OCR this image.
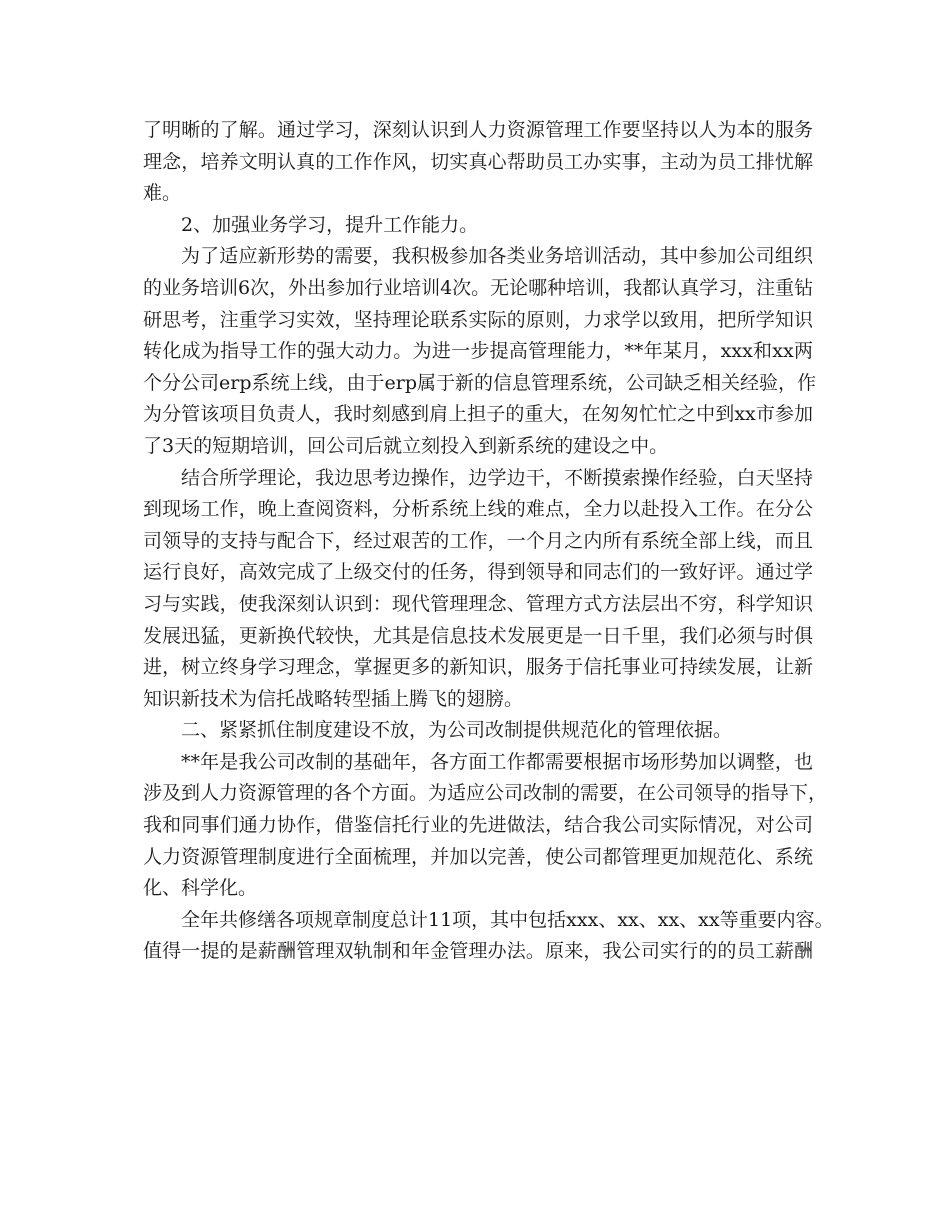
了明晰的了解。通过学习，深刻认识到人力资源管理工作要坚持以人为本的服务
理念，培养文明认真的工作作风，切实真心帮助员工办实事，主动为员工排忧解
难。
2、加强业务学习，提升工作能力。
为了适应新形势的需要，我积极参加各类业务培训活动，其中参加公司组织
的业务培训6次，外出参加行业培训4次。无论哪种培训，我都认真学习，注重钻
研思考，注重学习实效，坚持理论联系实际的原则，力求学以致用，把所学知识
转化成为指导工作的强大动力。为进一步提高管理能力，**年某月，xxx和xx两
个分公司erp系统上线，由于erp属于新的信息管理系统，公司缺乏相关经验，作
为分管该项目负责人，我时刻感到肩上担子的重大，在匆匆忙忙之中到xx市参加
了3天的短期培训，回公司后就立刻投入到新系统的建设之中。
结合所学理论，我边思考边操作，边学边干，不断摸索操作经验，白天坚持
到现场工作，晚上查阅资料，分析系统上线的难点，全力以赴投入工作。在分公
司领导的支持与配合下，经过艰苦的工作，一个月之内所有系统全部上线，而且
运行良好，高效完成了上级交付的任务，得到领导和同志们的一致好评。通过学
习与实践，使我深刻认识到：现代管理理念、管理方式方法层出不穷，科学知识
发展迅猛，更新换代较快，尤其是信息技术发展更是一日千里，我们必须与时俱
进，树立终身学习理念，掌握更多的新知识，服务于信托事业可持续发展，让新
知识新技术为信托战略转型插上腾飞的翅膀。
二、紧紧抓住制度建设不放，为公司改制提供规范化的管理依据。
**年是我公司改制的基础年，各方面工作都需要根据市场形势加以调整，也
涉及到人力资源管理的各个方面。为适应公司改制的需要，在公司领导的指导下，
我和同事们通力协作，借鉴信托行业的先进做法，结合我公司实际情况，对公司
人力资源管理制度进行全面梳理，并加以完善，使公司都管理更加规范化、系统
化、科学化。
全年共修缮各项规章制度总计11项，其中包括xxx、xx、xx、xx等重要内容。
值得一提的是薪酬管理双轨制和年金管理办法。原来，我公司实行的的员工薪酬
